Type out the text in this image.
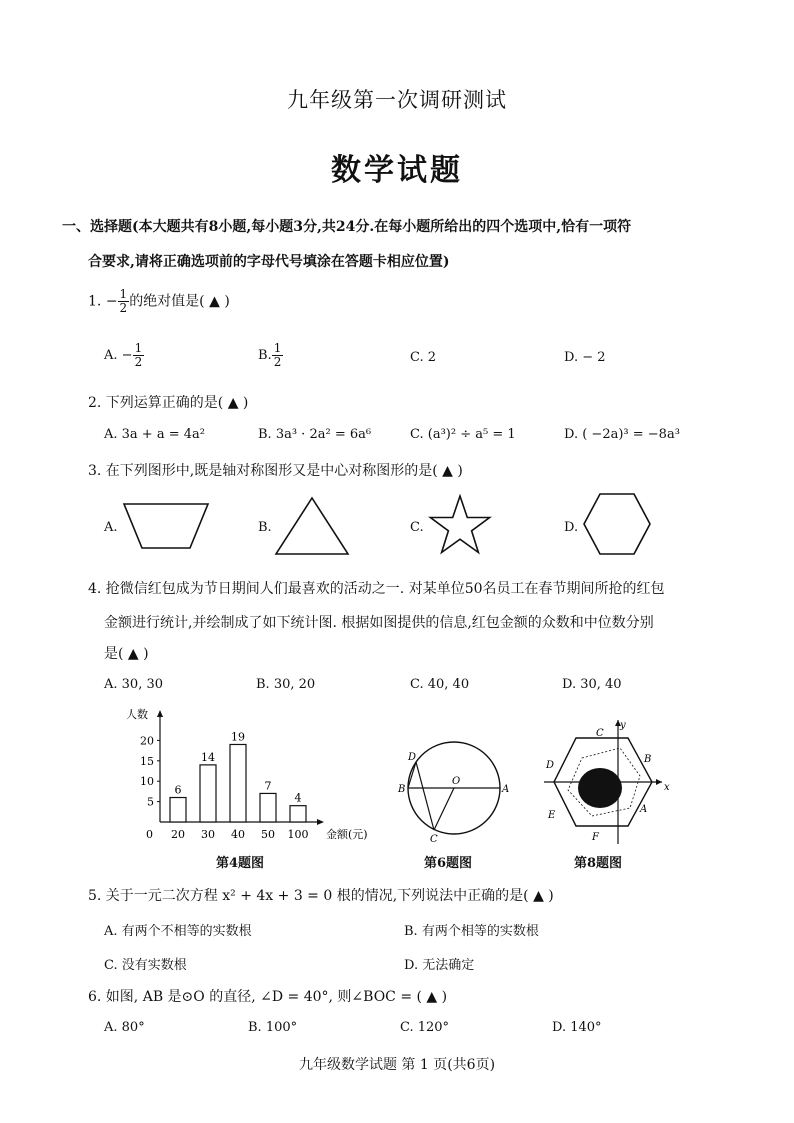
九年级第一次调研测试
数学试题
一、选择题(本大题共有8小题,每小题3分,共24分.在每小题所给出的四个选项中,恰有一项符
合要求,请将正确选项前的字母代号填涂在答题卡相应位置)
1. − $\frac{1}{2}$ 的绝对值是( ▲ )
A. − $\frac{1}{2}$	B. $\frac{1}{2}$	C. 2	D. − 2
2. 下列运算正确的是( ▲ )
A. 3a + a = 4a²	B. 3a³ · 2a² = 6a⁶	C. (a³)² ÷ a⁵ = 1	D. ( −2a)³ = −8a³
3. 在下列图形中,既是轴对称图形又是中心对称图形的是( ▲ )
A.	B.	C.	D.
4. 抢微信红包成为节日期间人们最喜欢的活动之一. 对某单位50名员工在春节期间所抢的红包
金额进行统计,并绘制成了如下统计图. 根据如图提供的信息,红包金额的众数和中位数分别
是( ▲ )
A. 30, 30	B. 30, 20	C. 40, 40	D. 30, 40
人数
金额(元)
0
5
10
15
20
6
20
14
30
19
40
7
50
4
100
第4题图
D
B	A
O
C
第6题图
y
x
C
B
D
A
E
F
第8题图
5. 关于一元二次方程 x² + 4x + 3 = 0 根的情况,下列说法中正确的是( ▲ )
A. 有两个不相等的实数根	B. 有两个相等的实数根
C. 没有实数根	D. 无法确定
6. 如图, AB 是⊙O 的直径, ∠D = 40°, 则∠BOC = ( ▲ )
A. 80°	B. 100°	C. 120°	D. 140°
九年级数学试题 第 1 页(共6页)
